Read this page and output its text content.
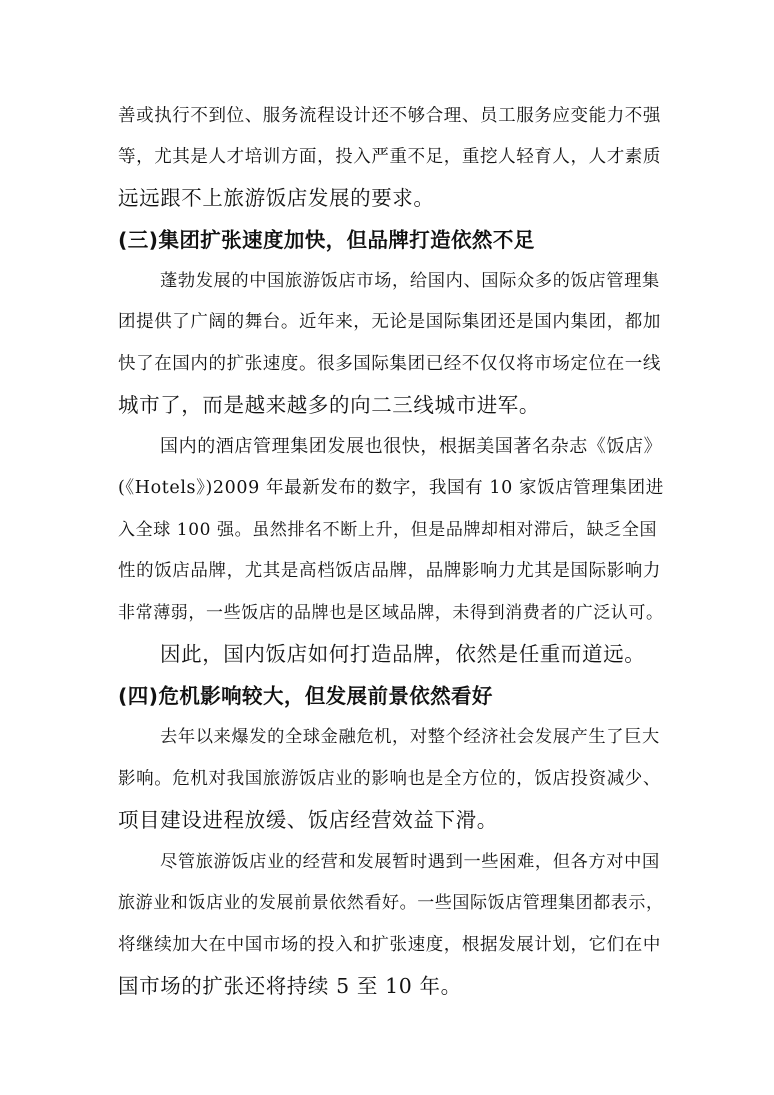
善或执行不到位、服务流程设计还不够合理、员工服务应变能力不强
等，尤其是人才培训方面，投入严重不足，重挖人轻育人，人才素质
远远跟不上旅游饭店发展的要求。
(三)集团扩张速度加快，但品牌打造依然不足
蓬勃发展的中国旅游饭店市场，给国内、国际众多的饭店管理集
团提供了广阔的舞台。近年来，无论是国际集团还是国内集团，都加
快了在国内的扩张速度。很多国际集团已经不仅仅将市场定位在一线
城市了，而是越来越多的向二三线城市进军。
国内的酒店管理集团发展也很快，根据美国著名杂志《饭店》
(《Hotels》)2009 年最新发布的数字，我国有 10 家饭店管理集团进
入全球 100 强。虽然排名不断上升，但是品牌却相对滞后，缺乏全国
性的饭店品牌，尤其是高档饭店品牌，品牌影响力尤其是国际影响力
非常薄弱，一些饭店的品牌也是区域品牌，未得到消费者的广泛认可。
因此，国内饭店如何打造品牌，依然是任重而道远。
(四)危机影响较大，但发展前景依然看好
去年以来爆发的全球金融危机，对整个经济社会发展产生了巨大
影响。危机对我国旅游饭店业的影响也是全方位的，饭店投资减少、
项目建设进程放缓、饭店经营效益下滑。
尽管旅游饭店业的经营和发展暂时遇到一些困难，但各方对中国
旅游业和饭店业的发展前景依然看好。一些国际饭店管理集团都表示，
将继续加大在中国市场的投入和扩张速度，根据发展计划，它们在中
国市场的扩张还将持续 5 至 10 年。
